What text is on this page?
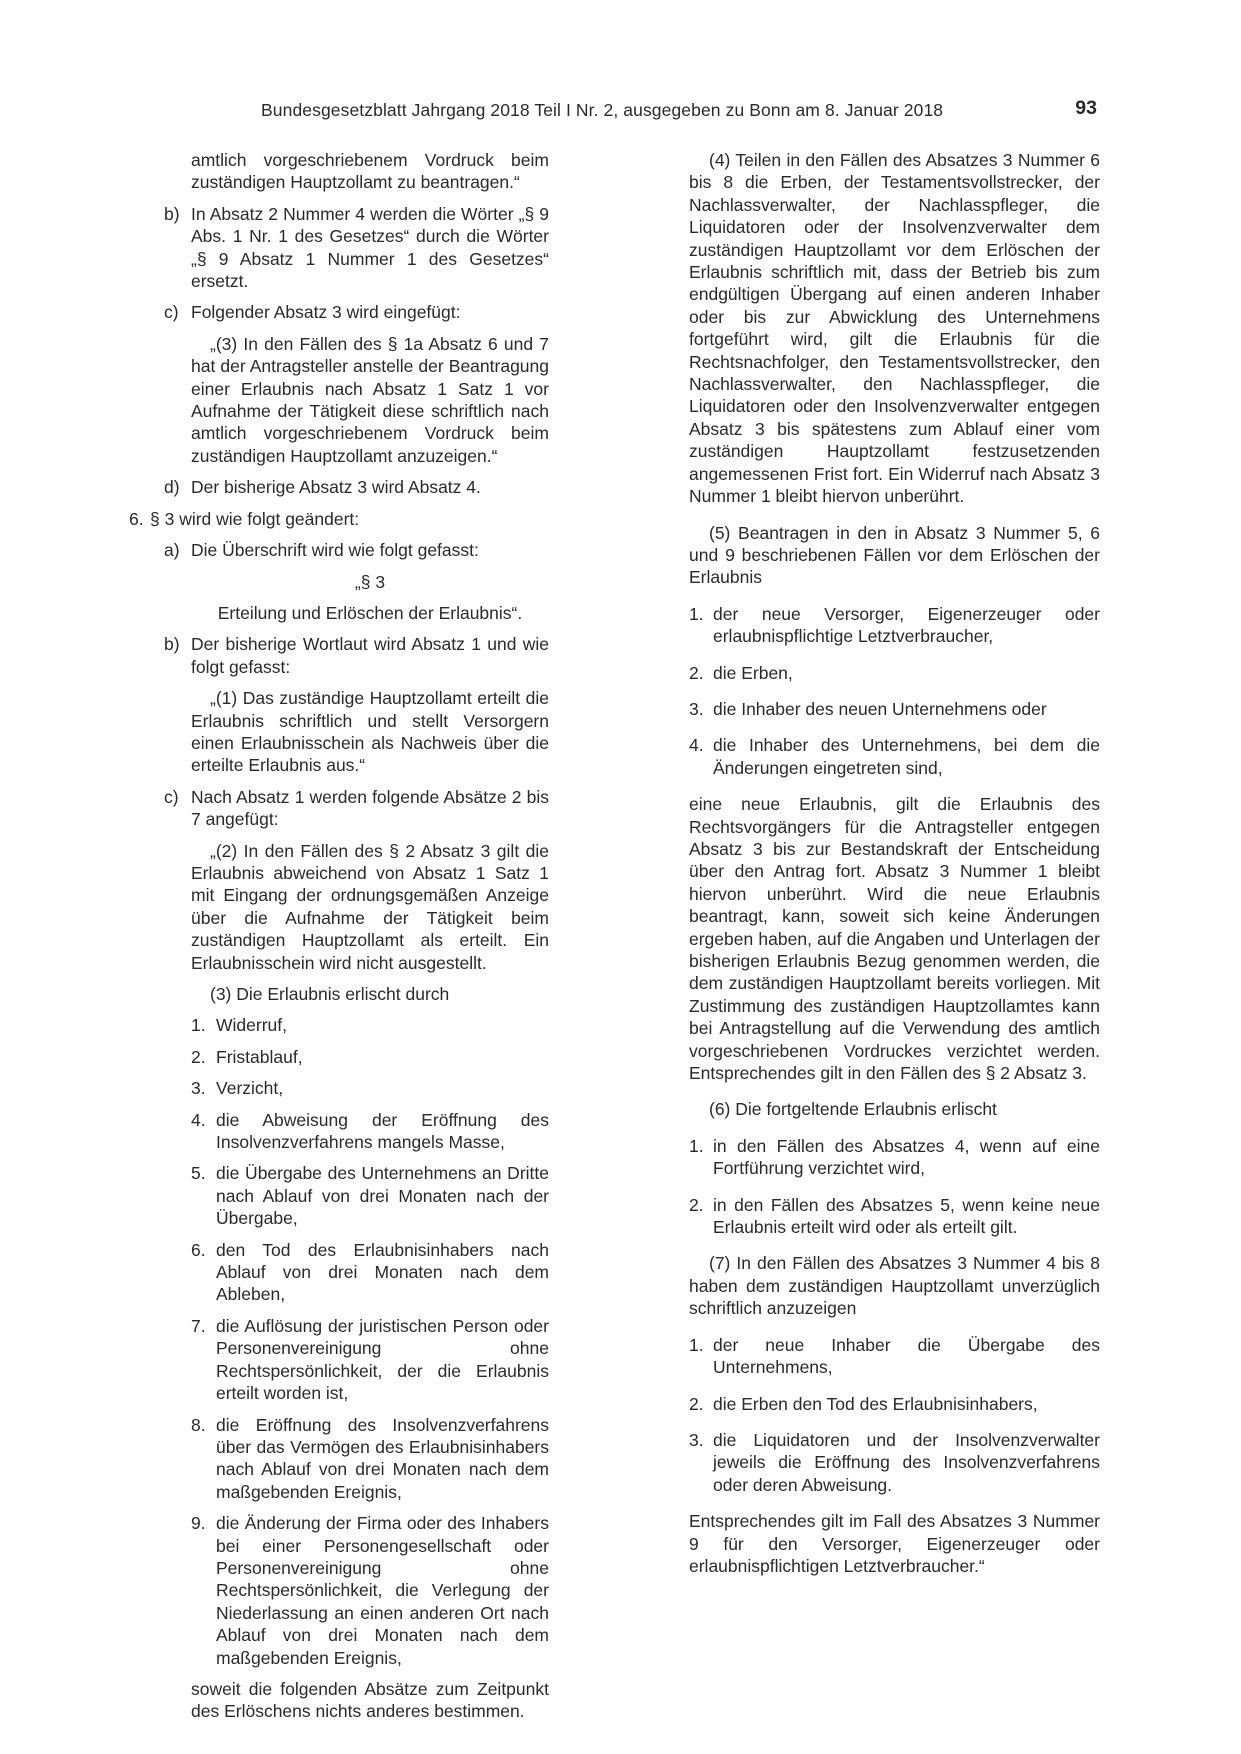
Bundesgesetzblatt Jahrgang 2018 Teil I Nr. 2, ausgegeben zu Bonn am 8. Januar 2018	93

amtlich vorgeschriebenem Vordruck beim zuständigen Hauptzollamt zu beantragen.“

b) In Absatz 2 Nummer 4 werden die Wörter „§ 9 Abs. 1 Nr. 1 des Gesetzes“ durch die Wörter „§ 9 Absatz 1 Nummer 1 des Gesetzes“ ersetzt.

c) Folgender Absatz 3 wird eingefügt:

„(3) In den Fällen des § 1a Absatz 6 und 7 hat der Antragsteller anstelle der Beantragung einer Erlaubnis nach Absatz 1 Satz 1 vor Aufnahme der Tätigkeit diese schriftlich nach amtlich vorgeschriebenem Vordruck beim zuständigen Hauptzollamt anzuzeigen.“

d) Der bisherige Absatz 3 wird Absatz 4.

6. § 3 wird wie folgt geändert:

a) Die Überschrift wird wie folgt gefasst:

„§ 3

Erteilung und Erlöschen der Erlaubnis“.

b) Der bisherige Wortlaut wird Absatz 1 und wie folgt gefasst:

„(1) Das zuständige Hauptzollamt erteilt die Erlaubnis schriftlich und stellt Versorgern einen Erlaubnisschein als Nachweis über die erteilte Erlaubnis aus.“

c) Nach Absatz 1 werden folgende Absätze 2 bis 7 angefügt:

„(2) In den Fällen des § 2 Absatz 3 gilt die Erlaubnis abweichend von Absatz 1 Satz 1 mit Eingang der ordnungsgemäßen Anzeige über die Aufnahme der Tätigkeit beim zuständigen Hauptzollamt als erteilt. Ein Erlaubnisschein wird nicht ausgestellt.

(3) Die Erlaubnis erlischt durch

1. Widerruf,

2. Fristablauf,

3. Verzicht,

4. die Abweisung der Eröffnung des Insolvenzverfahrens mangels Masse,

5. die Übergabe des Unternehmens an Dritte nach Ablauf von drei Monaten nach der Übergabe,

6. den Tod des Erlaubnisinhabers nach Ablauf von drei Monaten nach dem Ableben,

7. die Auflösung der juristischen Person oder Personenvereinigung ohne Rechtspersönlichkeit, der die Erlaubnis erteilt worden ist,

8. die Eröffnung des Insolvenzverfahrens über das Vermögen des Erlaubnisinhabers nach Ablauf von drei Monaten nach dem maßgebenden Ereignis,

9. die Änderung der Firma oder des Inhabers bei einer Personengesellschaft oder Personenvereinigung ohne Rechtspersönlichkeit, die Verlegung der Niederlassung an einen anderen Ort nach Ablauf von drei Monaten nach dem maßgebenden Ereignis,

soweit die folgenden Absätze zum Zeitpunkt des Erlöschens nichts anderes bestimmen.

(4) Teilen in den Fällen des Absatzes 3 Nummer 6 bis 8 die Erben, der Testamentsvollstrecker, der Nachlassverwalter, der Nachlasspfleger, die Liquidatoren oder der Insolvenzverwalter dem zuständigen Hauptzollamt vor dem Erlöschen der Erlaubnis schriftlich mit, dass der Betrieb bis zum endgültigen Übergang auf einen anderen Inhaber oder bis zur Abwicklung des Unternehmens fortgeführt wird, gilt die Erlaubnis für die Rechtsnachfolger, den Testamentsvollstrecker, den Nachlassverwalter, den Nachlasspfleger, die Liquidatoren oder den Insolvenzverwalter entgegen Absatz 3 bis spätestens zum Ablauf einer vom zuständigen Hauptzollamt festzusetzenden angemessenen Frist fort. Ein Widerruf nach Absatz 3 Nummer 1 bleibt hiervon unberührt.

(5) Beantragen in den in Absatz 3 Nummer 5, 6 und 9 beschriebenen Fällen vor dem Erlöschen der Erlaubnis

1. der neue Versorger, Eigenerzeuger oder erlaubnispflichtige Letztverbraucher,

2. die Erben,

3. die Inhaber des neuen Unternehmens oder

4. die Inhaber des Unternehmens, bei dem die Änderungen eingetreten sind,

eine neue Erlaubnis, gilt die Erlaubnis des Rechtsvorgängers für die Antragsteller entgegen Absatz 3 bis zur Bestandskraft der Entscheidung über den Antrag fort. Absatz 3 Nummer 1 bleibt hiervon unberührt. Wird die neue Erlaubnis beantragt, kann, soweit sich keine Änderungen ergeben haben, auf die Angaben und Unterlagen der bisherigen Erlaubnis Bezug genommen werden, die dem zuständigen Hauptzollamt bereits vorliegen. Mit Zustimmung des zuständigen Hauptzollamtes kann bei Antragstellung auf die Verwendung des amtlich vorgeschriebenen Vordruckes verzichtet werden. Entsprechendes gilt in den Fällen des § 2 Absatz 3.

(6) Die fortgeltende Erlaubnis erlischt

1. in den Fällen des Absatzes 4, wenn auf eine Fortführung verzichtet wird,

2. in den Fällen des Absatzes 5, wenn keine neue Erlaubnis erteilt wird oder als erteilt gilt.

(7) In den Fällen des Absatzes 3 Nummer 4 bis 8 haben dem zuständigen Hauptzollamt unverzüglich schriftlich anzuzeigen

1. der neue Inhaber die Übergabe des Unternehmens,

2. die Erben den Tod des Erlaubnisinhabers,

3. die Liquidatoren und der Insolvenzverwalter jeweils die Eröffnung des Insolvenzverfahrens oder deren Abweisung.

Entsprechendes gilt im Fall des Absatzes 3 Nummer 9 für den Versorger, Eigenerzeuger oder erlaubnispflichtigen Letztverbraucher.“
